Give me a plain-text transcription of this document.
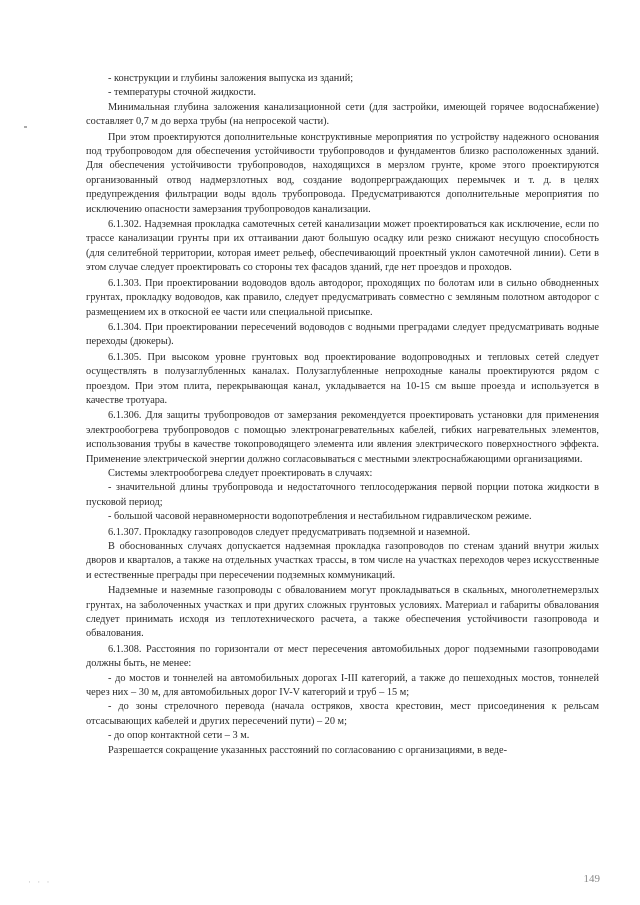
- конструкции и глубины заложения выпуска из зданий;

- температуры сточной жидкости.

Минимальная глубина заложения канализационной сети (для застройки, имеющей горячее водоснабжение) составляет 0,7 м до верха трубы (на непросекой части).

При этом проектируются дополнительные конструктивные мероприятия по устройству надежного основания под трубопроводом для обеспечения устойчивости трубопроводов и фундаментов близко расположенных зданий. Для обеспечения устойчивости трубопроводов, находящихся в мерзлом грунте, кроме этого проектируются организованный отвод надмерзлотных вод, создание водопрерграждающих перемычек и т. д. в целях предупреждения фильтрации воды вдоль трубопровода. Предусматриваются дополнительные мероприятия по исключению опасности замерзания трубопроводов канализации.

6.1.302. Надземная прокладка самотечных сетей канализации может проектироваться как исключение, если по трассе канализации грунты при их оттаивании дают большую осадку или резко снижают несущую способность (для селитебной территории, которая имеет рельеф, обеспечивающий проектный уклон самотечной линии). Сети в этом случае следует проектировать со стороны тех фасадов зданий, где нет проездов и проходов.

6.1.303. При проектировании водоводов вдоль автодорог, проходящих по болотам или в сильно обводненных грунтах, прокладку водоводов, как правило, следует предусматривать совместно с земляным полотном автодорог с размещением их в откосной ее части или специальной присыпке.

6.1.304. При проектировании пересечений водоводов с водными преградами следует предусматривать водные переходы (дюкеры).

6.1.305. При высоком уровне грунтовых вод проектирование водопроводных и тепловых сетей следует осуществлять в полузаглубленных каналах. Полузаглубленные непроходные каналы проектируются рядом с проездом. При этом плита, перекрывающая канал, укладывается на 10-15 см выше проезда и используется в качестве тротуара.

6.1.306. Для защиты трубопроводов от замерзания рекомендуется проектировать установки для применения электрообогрева трубопроводов с помощью электронагревательных кабелей, гибких нагревательных элементов, использования трубы в качестве токопроводящего элемента или явления электрического поверхностного эффекта. Применение электрической энергии должно согласовываться с местными электроснабжающими организациями.

Системы электрообогрева следует проектировать в случаях:

- значительной длины трубопровода и недостаточного теплосодержания первой порции потока жидкости в пусковой период;

- большой часовой неравномерности водопотребления и нестабильном гидравлическом режиме.

6.1.307. Прокладку газопроводов следует предусматривать подземной и наземной.

В обоснованных случаях допускается надземная прокладка газопроводов по стенам зданий внутри жилых дворов и кварталов, а также на отдельных участках трассы, в том числе на участках переходов через искусственные и естественные преграды при пересечении подземных коммуникаций.

Надземные и наземные газопроводы с обвалованием могут прокладываться в скальных, многолетнемерзлых грунтах, на заболоченных участках и при других сложных грунтовых условиях. Материал и габариты обвалования следует принимать исходя из теплотехнического расчета, а также обеспечения устойчивости газопровода и обвалования.

6.1.308. Расстояния по горизонтали от мест пересечения автомобильных дорог подземными газопроводами должны быть, не менее:

- до мостов и тоннелей на автомобильных дорогах I-III категорий, а также до пешеходных мостов, тоннелей через них – 30 м, для автомобильных дорог IV-V категорий и труб – 15 м;

- до зоны стрелочного перевода (начала остряков, хвоста крестовин, мест присоединения к рельсам отсасывающих кабелей и других пересечений пути) – 20 м;

- до опор контактной сети – 3 м.

Разрешается сокращение указанных расстояний по согласованию с организациями, в веде-

149
· · ·
